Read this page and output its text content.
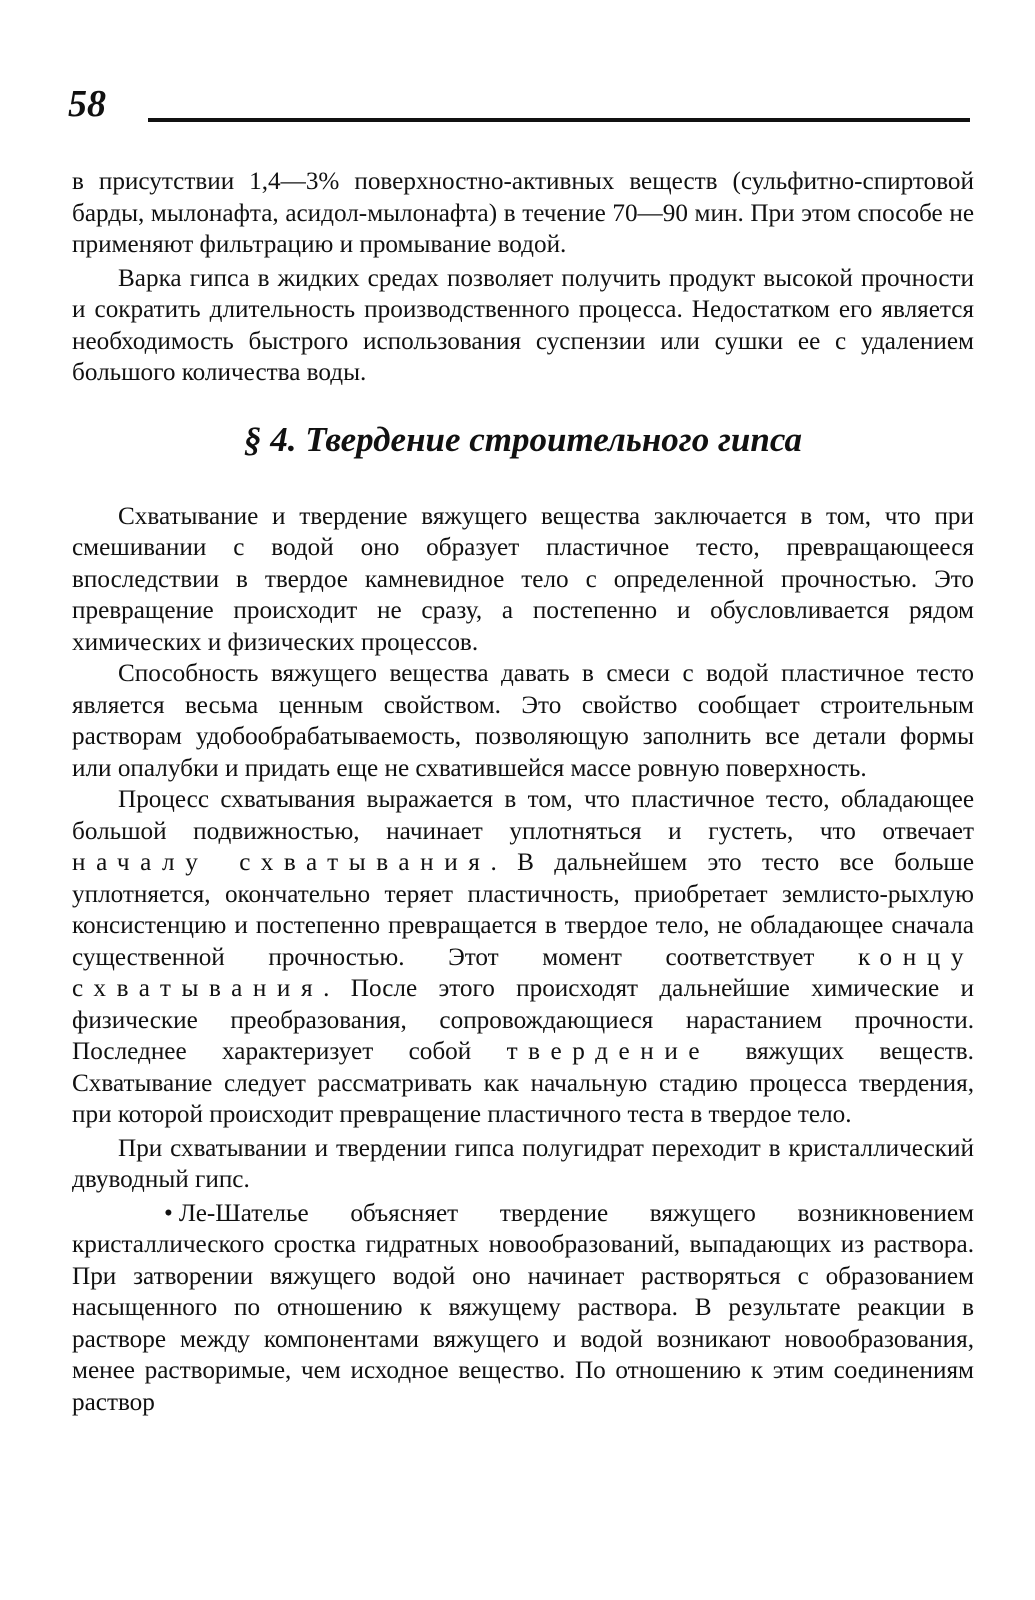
58

в присутствии 1,4—3% поверхностно-активных веществ (сульфитно-спиртовой барды, мылонафта, асидол-мылонафта) в течение 70—90 мин. При этом способе не применяют фильтрацию и промывание водой.

Варка гипса в жидких средах позволяет получить продукт высокой прочности и сократить длительность производственного процесса. Недостатком его является необходимость быстрого использования суспензии или сушки ее с удалением большого количества воды.

§ 4. Твердение строительного гипса

Схватывание и твердение вяжущего вещества заключается в том, что при смешивании с водой оно образует пластичное тесто, превращающееся впоследствии в твердое камневидное тело с определенной прочностью. Это превращение происходит не сразу, а постепенно и обусловливается рядом химических и физических процессов.

Способность вяжущего вещества давать в смеси с водой пластичное тесто является весьма ценным свойством. Это свойство сообщает строительным растворам удобообрабатываемость, позволяющую заполнить все детали формы или опалубки и придать еще не схватившейся массе ровную поверхность.

Процесс схватывания выражается в том, что пластичное тесто, обладающее большой подвижностью, начинает уплотняться и густеть, что отвечает началу схватывания. В дальнейшем это тесто все больше уплотняется, окончательно теряет пластичность, приобретает землисто-рыхлую консистенцию и постепенно превращается в твердое тело, не обладающее сначала существенной прочностью. Этот момент соответствует концу схватывания. После этого происходят дальнейшие химические и физические преобразования, сопровождающиеся нарастанием прочности. Последнее характеризует собой твердение вяжущих веществ. Схватывание следует рассматривать как начальную стадию процесса твердения, при которой происходит превращение пластичного теста в твердое тело.

При схватывании и твердении гипса полугидрат переходит в кристаллический двуводный гипс.

• Ле-Шателье объясняет твердение вяжущего возникновением кристаллического сростка гидратных новообразований, выпадающих из раствора. При затворении вяжущего водой оно начинает растворяться с образованием насыщенного по отношению к вяжущему раствора. В результате реакции в растворе между компонентами вяжущего и водой возникают новообразования, менее растворимые, чем исходное вещество. По отношению к этим соединениям раствор
